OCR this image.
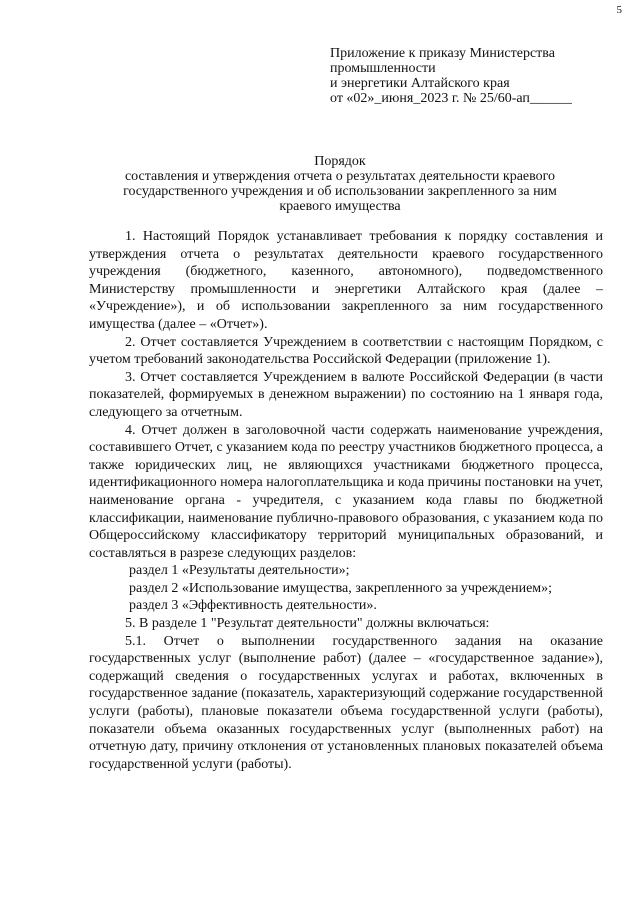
5
Приложение к приказу Министерства
промышленности
и энергетики Алтайского края
от «02»_июня_2023 г. № 25/60-ап______
Порядок
составления и утверждения отчета о результатах деятельности краевого
государственного учреждения и об использовании закрепленного за ним
краевого имущества

1. Настоящий Порядок устанавливает требования к порядку составления и утверждения отчета о результатах деятельности краевого государственного учреждения (бюджетного, казенного, автономного), подведомственного Министерству промышленности и энергетики Алтайского края (далее – «Учреждение»), и об использовании закрепленного за ним государственного имущества (далее – «Отчет»).

2. Отчет составляется Учреждением в соответствии с настоящим Порядком, с учетом требований законодательства Российской Федерации (приложение 1).

3. Отчет составляется Учреждением в валюте Российской Федерации (в части показателей, формируемых в денежном выражении) по состоянию на 1 января года, следующего за отчетным.

4. Отчет должен в заголовочной части содержать наименование учреждения, составившего Отчет, с указанием кода по реестру участников бюджетного процесса, а также юридических лиц, не являющихся участниками бюджетного процесса, идентификационного номера налогоплательщика и кода причины постановки на учет, наименование органа - учредителя, с указанием кода главы по бюджетной классификации, наименование публично-правового образования, с указанием кода по Общероссийскому классификатору территорий муниципальных образований, и составляться в разрезе следующих разделов:

раздел 1 «Результаты деятельности»;

раздел 2 «Использование имущества, закрепленного за учреждением»;

раздел 3 «Эффективность деятельности».

5. В разделе 1 "Результат деятельности" должны включаться:

5.1. Отчет о выполнении государственного задания на оказание государственных услуг (выполнение работ) (далее – «государственное задание»), содержащий сведения о государственных услугах и работах, включенных в государственное задание (показатель, характеризующий содержание государственной услуги (работы), плановые показатели объема государственной услуги (работы), показатели объема оказанных государственных услуг (выполненных работ) на отчетную дату, причину отклонения от установленных плановых показателей объема государственной услуги (работы).
